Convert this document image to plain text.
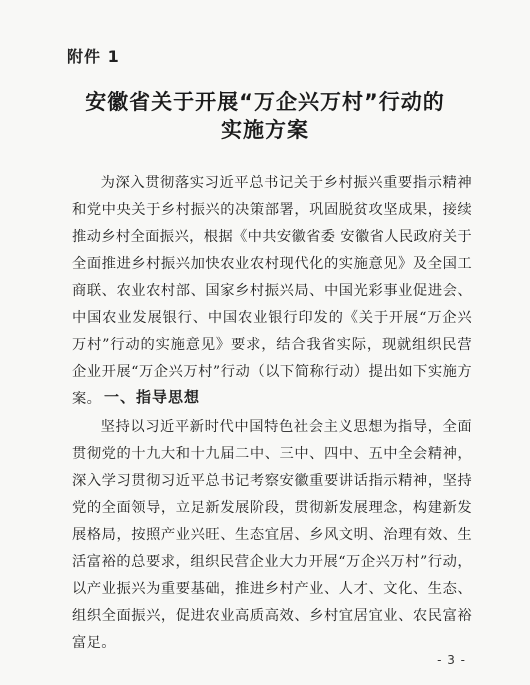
附件 1
安徽省关于开展“万企兴万村”行动的
实施方案
为深入贯彻落实习近平总书记关于乡村振兴重要指示精神和党中央关于乡村振兴的决策部署，巩固脱贫攻坚成果，接续推动乡村全面振兴，根据《中共安徽省委 安徽省人民政府关于全面推进乡村振兴加快农业农村现代化的实施意见》及全国工商联、农业农村部、国家乡村振兴局、中国光彩事业促进会、中国农业发展银行、中国农业银行印发的《关于开展“万企兴万村”行动的实施意见》要求，结合我省实际，现就组织民营企业开展“万企兴万村”行动（以下简称行动）提出如下实施方案。 一、指导思想
坚持以习近平新时代中国特色社会主义思想为指导，全面贯彻党的十九大和十九届二中、三中、四中、五中全会精神，深入学习贯彻习近平总书记考察安徽重要讲话指示精神，坚持党的全面领导，立足新发展阶段，贯彻新发展理念，构建新发展格局，按照产业兴旺、生态宜居、乡风文明、治理有效、生活富裕的总要求，组织民营企业大力开展“万企兴万村”行动，以产业振兴为重要基础，推进乡村产业、人才、文化、生态、组织全面振兴，促进农业高质高效、乡村宜居宜业、农民富裕富足。
- 3 -
